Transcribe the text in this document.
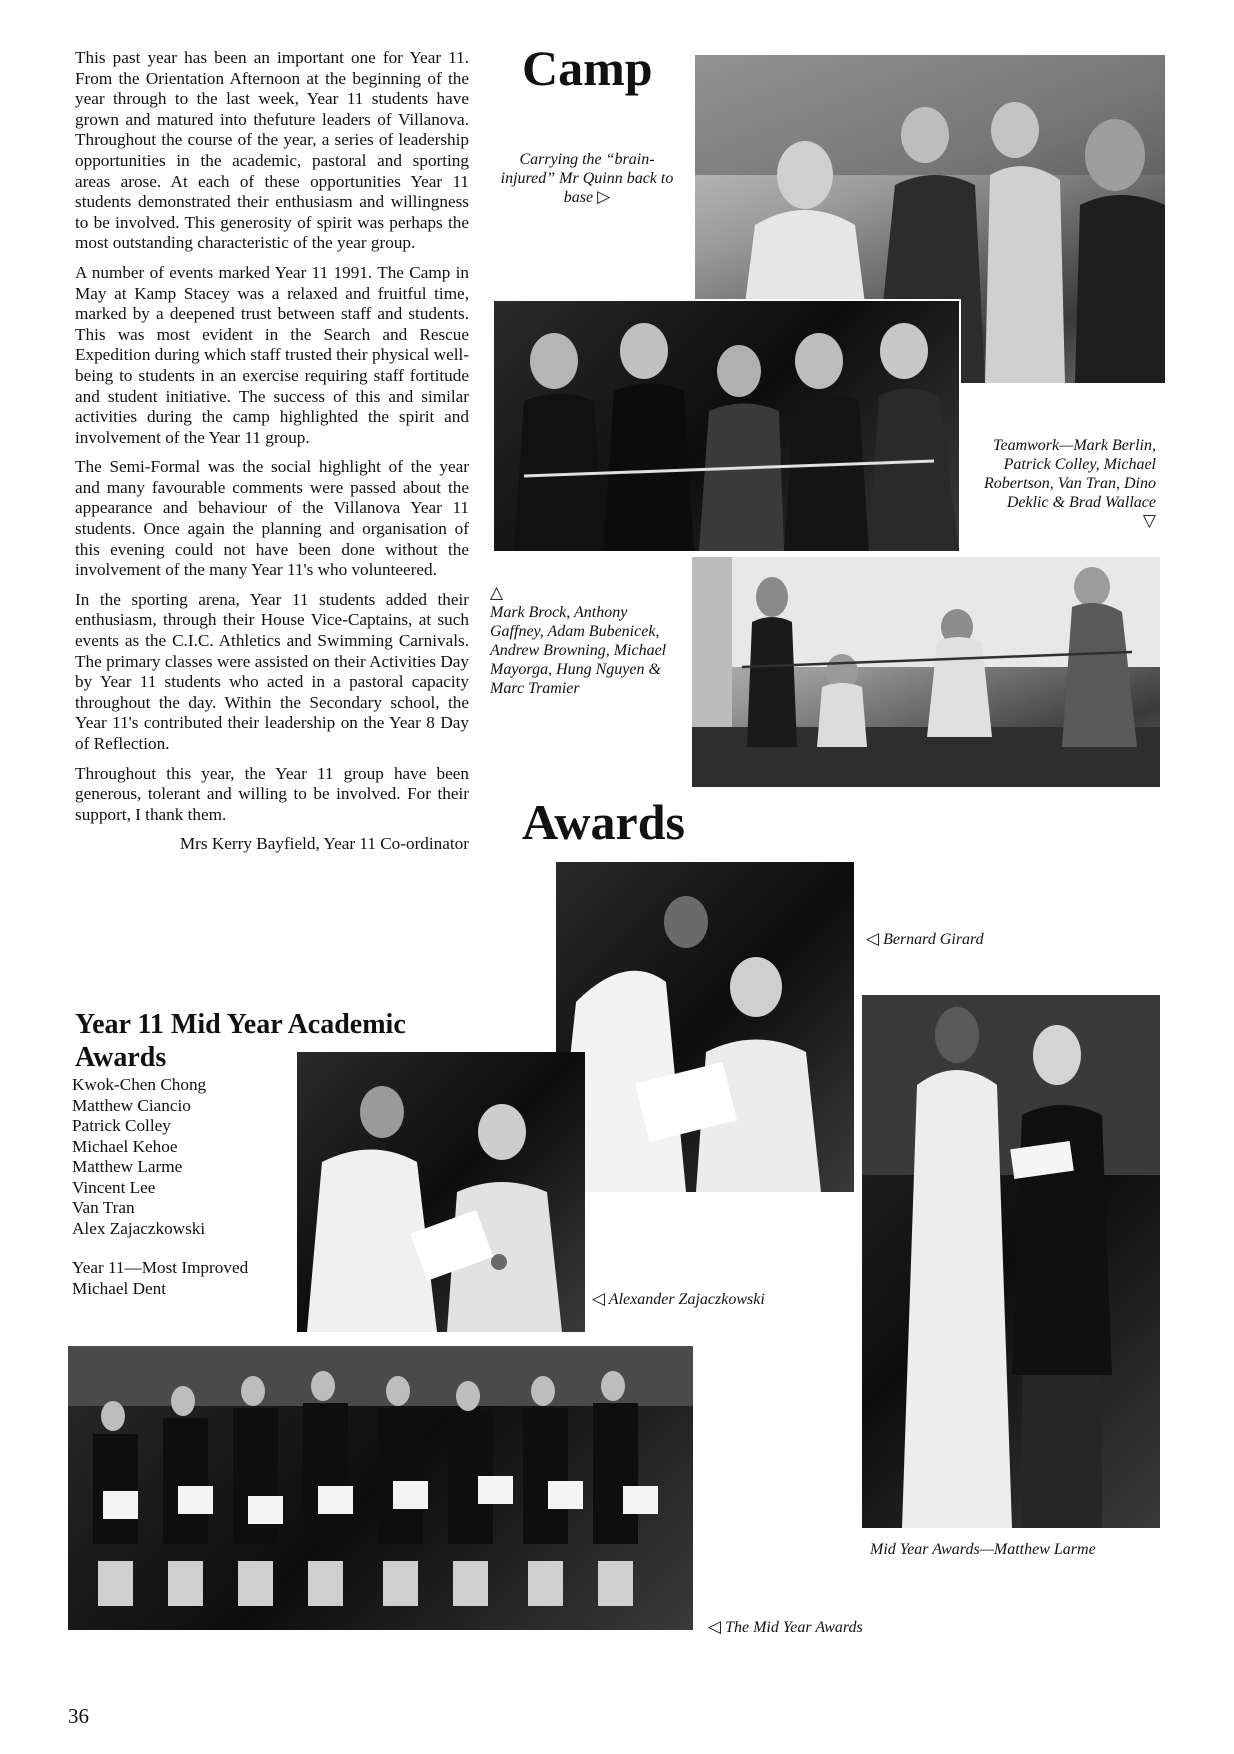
This past year has been an important one for Year 11. From the Orientation Afternoon at the beginning of the year through to the last week, Year 11 students have grown and matured into thefuture leaders of Villanova. Throughout the course of the year, a series of leadership opportunities in the academic, pastoral and sporting areas arose. At each of these opportunities Year 11 students demonstrated their enthusiasm and willingness to be involved. This generosity of spirit was perhaps the most outstanding characteristic of the year group.

A number of events marked Year 11 1991. The Camp in May at Kamp Stacey was a relaxed and fruitful time, marked by a deepened trust between staff and students. This was most evident in the Search and Rescue Expedition during which staff trusted their physical well-being to students in an exercise requiring staff fortitude and student initiative. The success of this and similar activities during the camp highlighted the spirit and involvement of the Year 11 group.

The Semi-Formal was the social highlight of the year and many favourable comments were passed about the appearance and behaviour of the Villanova Year 11 students. Once again the planning and organisation of this evening could not have been done without the involvement of the many Year 11's who volunteered.

In the sporting arena, Year 11 students added their enthusiasm, through their House Vice-Captains, at such events as the C.I.C. Athletics and Swimming Carnivals. The primary classes were assisted on their Activities Day by Year 11 students who acted in a pastoral capacity throughout the day. Within the Secondary school, the Year 11's contributed their leadership on the Year 8 Day of Reflection.

Throughout this year, the Year 11 group have been generous, tolerant and willing to be involved. For their support, I thank them.

Mrs Kerry Bayfield, Year 11 Co-ordinator
Camp
Carrying the “brain-injured” Mr Quinn back to base ▷
Teamwork—Mark Berlin, Patrick Colley, Michael Robertson, Van Tran, Dino Deklic & Brad Wallace
▽
△
Mark Brock, Anthony Gaffney, Adam Bubenicek, Andrew Browning, Michael Mayorga, Hung Nguyen & Marc Tramier
Awards
◁ Bernard Girard
Mid Year Awards—Matthew Larme
Year 11 Mid Year Academic Awards
Kwok-Chen Chong
Matthew Ciancio
Patrick Colley
Michael Kehoe
Matthew Larme
Vincent Lee
Van Tran
Alex Zajaczkowski
Year 11—Most Improved
Michael Dent
◁ Alexander Zajaczkowski
◁ The Mid Year Awards
36
